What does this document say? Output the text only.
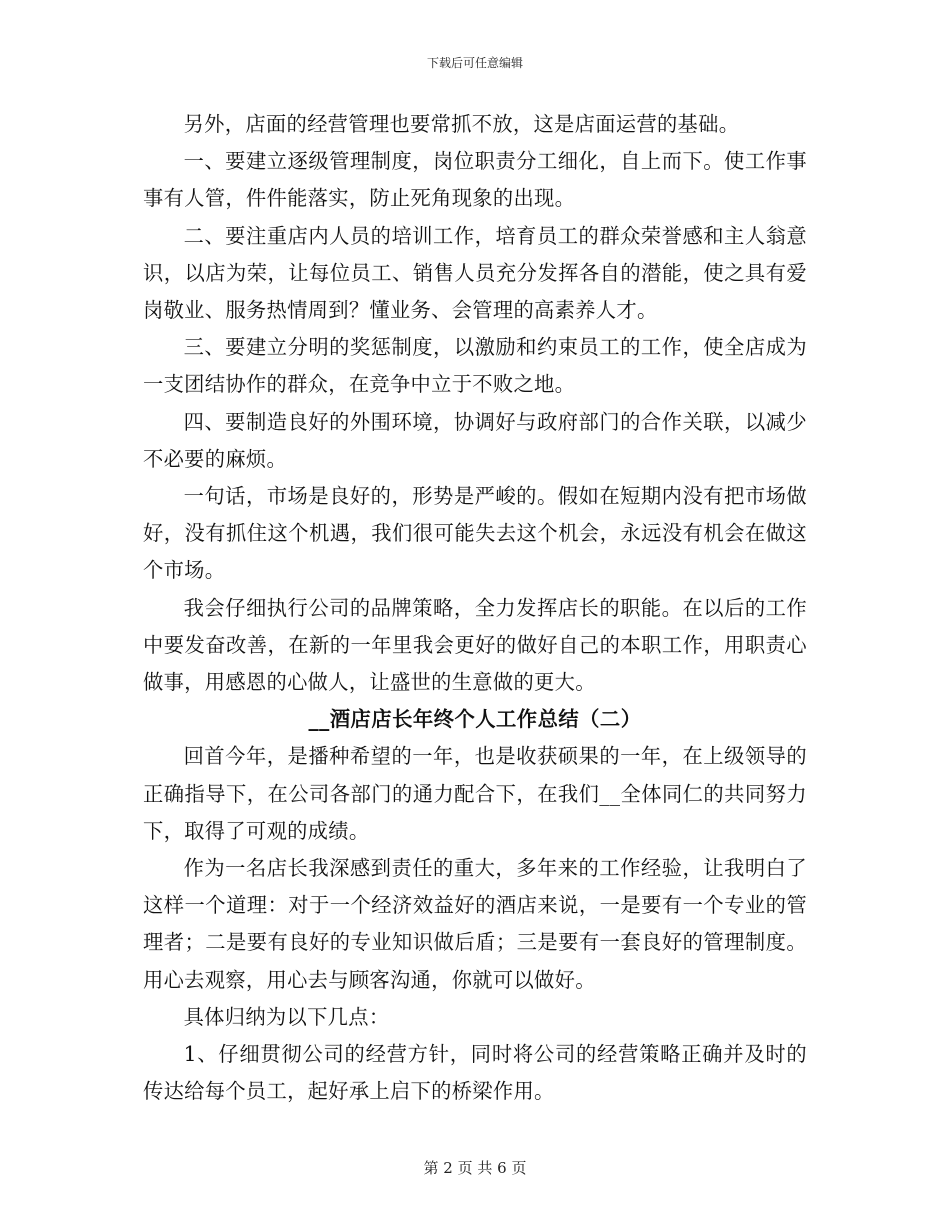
下载后可任意编辑

另外，店面的经营管理也要常抓不放，这是店面运营的基础。

一、要建立逐级管理制度，岗位职责分工细化，自上而下。使工作事事有人管，件件能落实，防止死角现象的出现。

二、要注重店内人员的培训工作，培育员工的群众荣誉感和主人翁意识，以店为荣，让每位员工、销售人员充分发挥各自的潜能，使之具有爱岗敬业、服务热情周到？懂业务、会管理的高素养人才。

三、要建立分明的奖惩制度，以激励和约束员工的工作，使全店成为一支团结协作的群众，在竞争中立于不败之地。

四、要制造良好的外围环境，协调好与政府部门的合作关联，以减少不必要的麻烦。

一句话，市场是良好的，形势是严峻的。假如在短期内没有把市场做好，没有抓住这个机遇，我们很可能失去这个机会，永远没有机会在做这个市场。

我会仔细执行公司的品牌策略，全力发挥店长的职能。在以后的工作中要发奋改善，在新的一年里我会更好的做好自己的本职工作，用职责心做事，用感恩的心做人，让盛世的生意做的更大。

__酒店店长年终个人工作总结（二）

回首今年，是播种希望的一年，也是收获硕果的一年，在上级领导的正确指导下，在公司各部门的通力配合下，在我们__全体同仁的共同努力下，取得了可观的成绩。

作为一名店长我深感到责任的重大，多年来的工作经验，让我明白了这样一个道理：对于一个经济效益好的酒店来说，一是要有一个专业的管理者；二是要有良好的专业知识做后盾；三是要有一套良好的管理制度。用心去观察，用心去与顾客沟通，你就可以做好。

具体归纳为以下几点：

1、仔细贯彻公司的经营方针，同时将公司的经营策略正确并及时的传达给每个员工，起好承上启下的桥梁作用。

第 2 页 共 6 页
